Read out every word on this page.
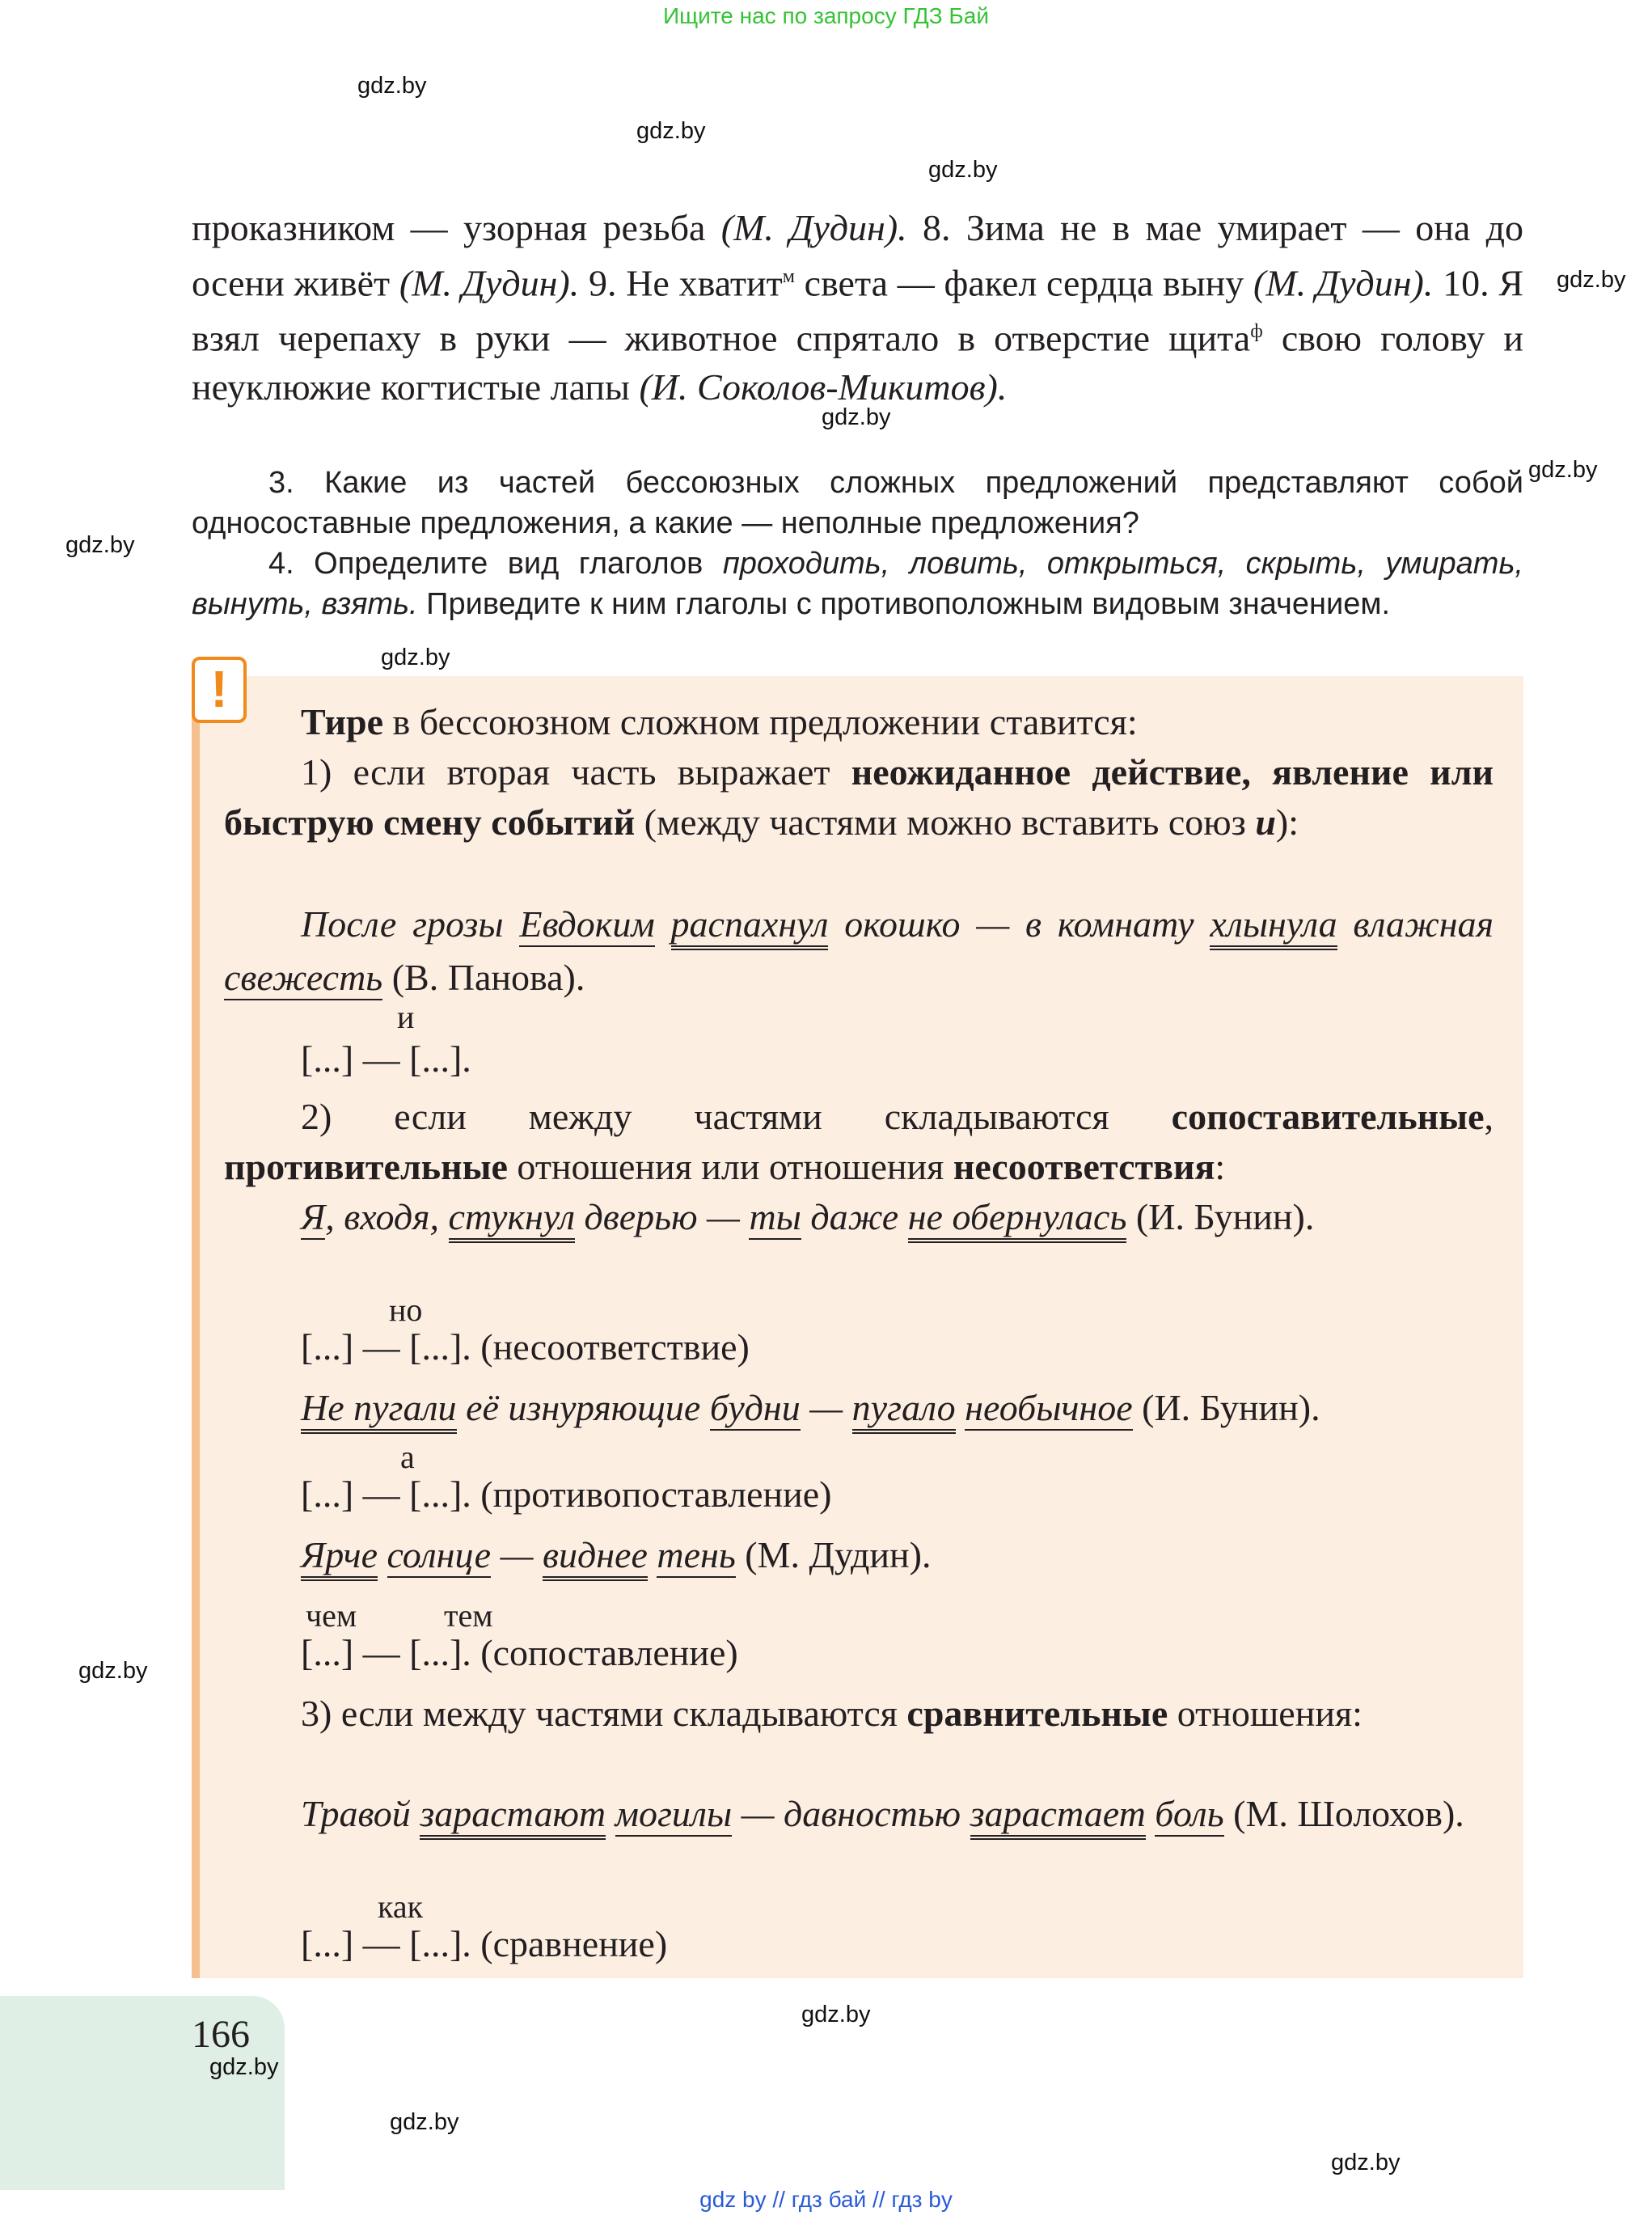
Ищите нас по запросу ГДЗ Бай
gdz.by
gdz.by
gdz.by
gdz.by
gdz.by
gdz.by
gdz.by
gdz.by
gdz.by
gdz.by
gdz.by
gdz.by
проказником — узорная резьба (М. Дудин). 8. Зима не в мае умирает — она до осени живёт (М. Дудин). 9. Не хватит$^м$ света — факел сердца выну (М. Дудин). 10. Я взял черепаху в руки — животное спрятало в отверстие щита$^ф$ свою голову и неуклюжие когтистые лапы (И. Соколов-Микитов).
3. Какие из частей бессоюзных сложных предложений представляют собой односоставные предложения, а какие — неполные предложения?
4. Определите вид глаголов проходить, ловить, открыться, скрыть, умирать, вынуть, взять. Приведите к ним глаголы с противоположным видовым значением.
!
Тире в бессоюзном сложном предложении ставится:
1) если вторая часть выражает неожиданное действие, явление или быструю смену событий (между частями можно вставить союз и):
После грозы Евдоким распахнул окошко — в комнату хлынула влажная свежесть (В. Панова).
и
[...] — [...].
2) если между частями складываются сопоставительные, противительные отношения или отношения несоответствия:
Я, входя, стукнул дверью — ты даже не обернулась (И. Бунин).
но
[...] — [...]. (несоответствие)
Не пугали её изнуряющие будни — пугало необычное (И. Бунин).
а
[...] — [...]. (противопоставление)
Ярче солнце — виднее тень (М. Дудин).
чем	тем
[...] — [...]. (сопоставление)
3) если между частями складываются сравнительные отношения:
Травой зарастают могилы — давностью зарастает боль (М. Шолохов).
как
[...] — [...]. (сравнение)
166
gdz.by
gdz by // гдз бай // гдз by
